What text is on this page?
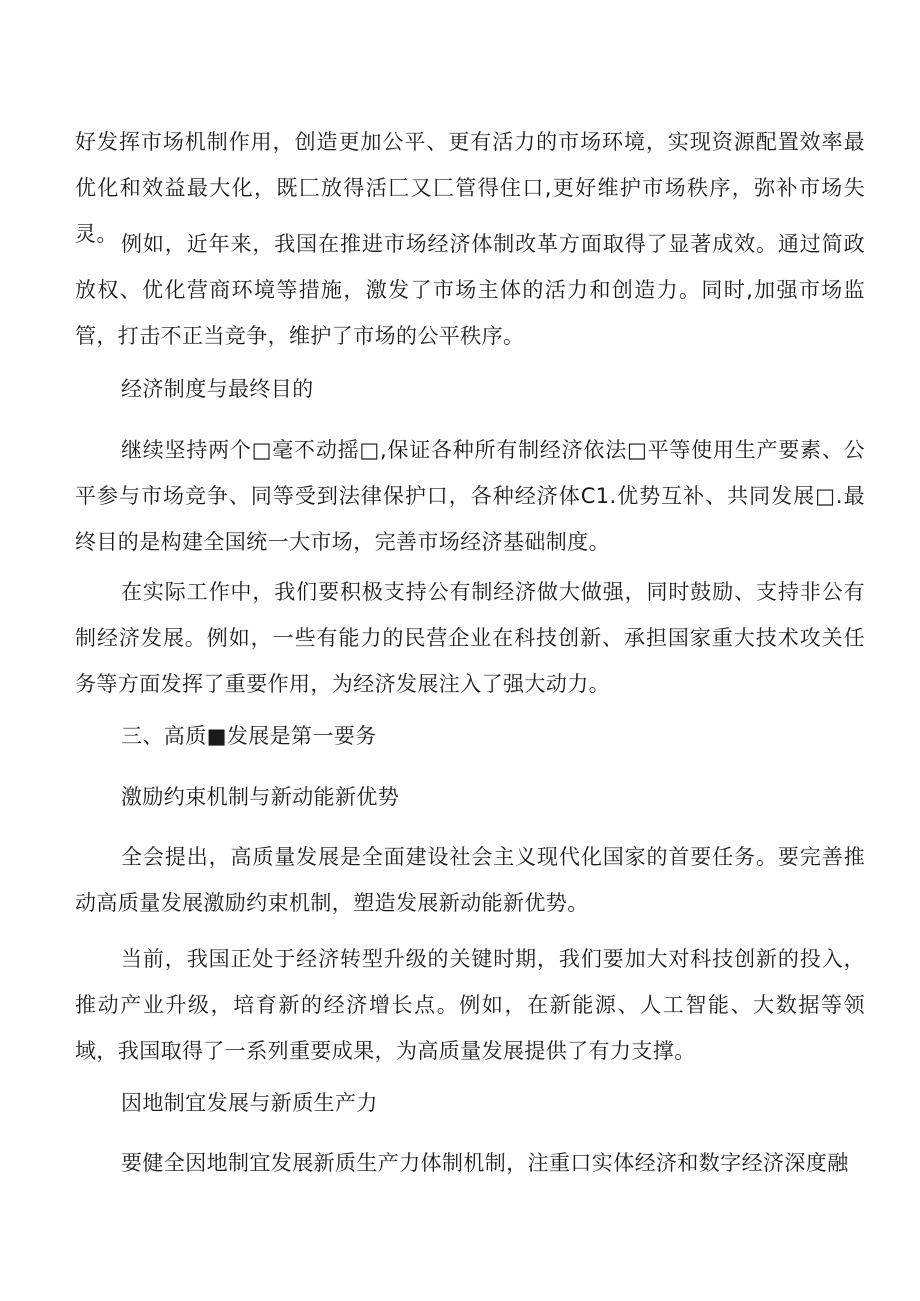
好发挥市场机制作用，创造更加公平、更有活力的市场环境，实现资源配置效率最优化和效益最大化，既匚放得活匚又匚管得住口,更好维护市场秩序，弥补市场失灵。 例如，近年来，我国在推进市场经济体制改革方面取得了显著成效。通过简政放权、优化营商环境等措施，激发了市场主体的活力和创造力。同时,加强市场监管，打击不正当竞争，维护了市场的公平秩序。

经济制度与最终目的

继续坚持两个□毫不动摇□,保证各种所有制经济依法□平等使用生产要素、公平参与市场竞争、同等受到法律保护口，各种经济体C1.优势互补、共同发展□.最终目的是构建全国统一大市场，完善市场经济基础制度。

在实际工作中，我们要积极支持公有制经济做大做强，同时鼓励、支持非公有制经济发展。例如，一些有能力的民营企业在科技创新、承担国家重大技术攻关任务等方面发挥了重要作用，为经济发展注入了强大动力。

三、高质■发展是第一要务

激励约束机制与新动能新优势

全会提出，高质量发展是全面建设社会主义现代化国家的首要任务。要完善推动高质量发展激励约束机制，塑造发展新动能新优势。

当前，我国正处于经济转型升级的关键时期，我们要加大对科技创新的投入，推动产业升级，培育新的经济增长点。例如，在新能源、人工智能、大数据等领域，我国取得了一系列重要成果，为高质量发展提供了有力支撑。

因地制宜发展与新质生产力

要健全因地制宜发展新质生产力体制机制，注重口实体经济和数字经济深度融
